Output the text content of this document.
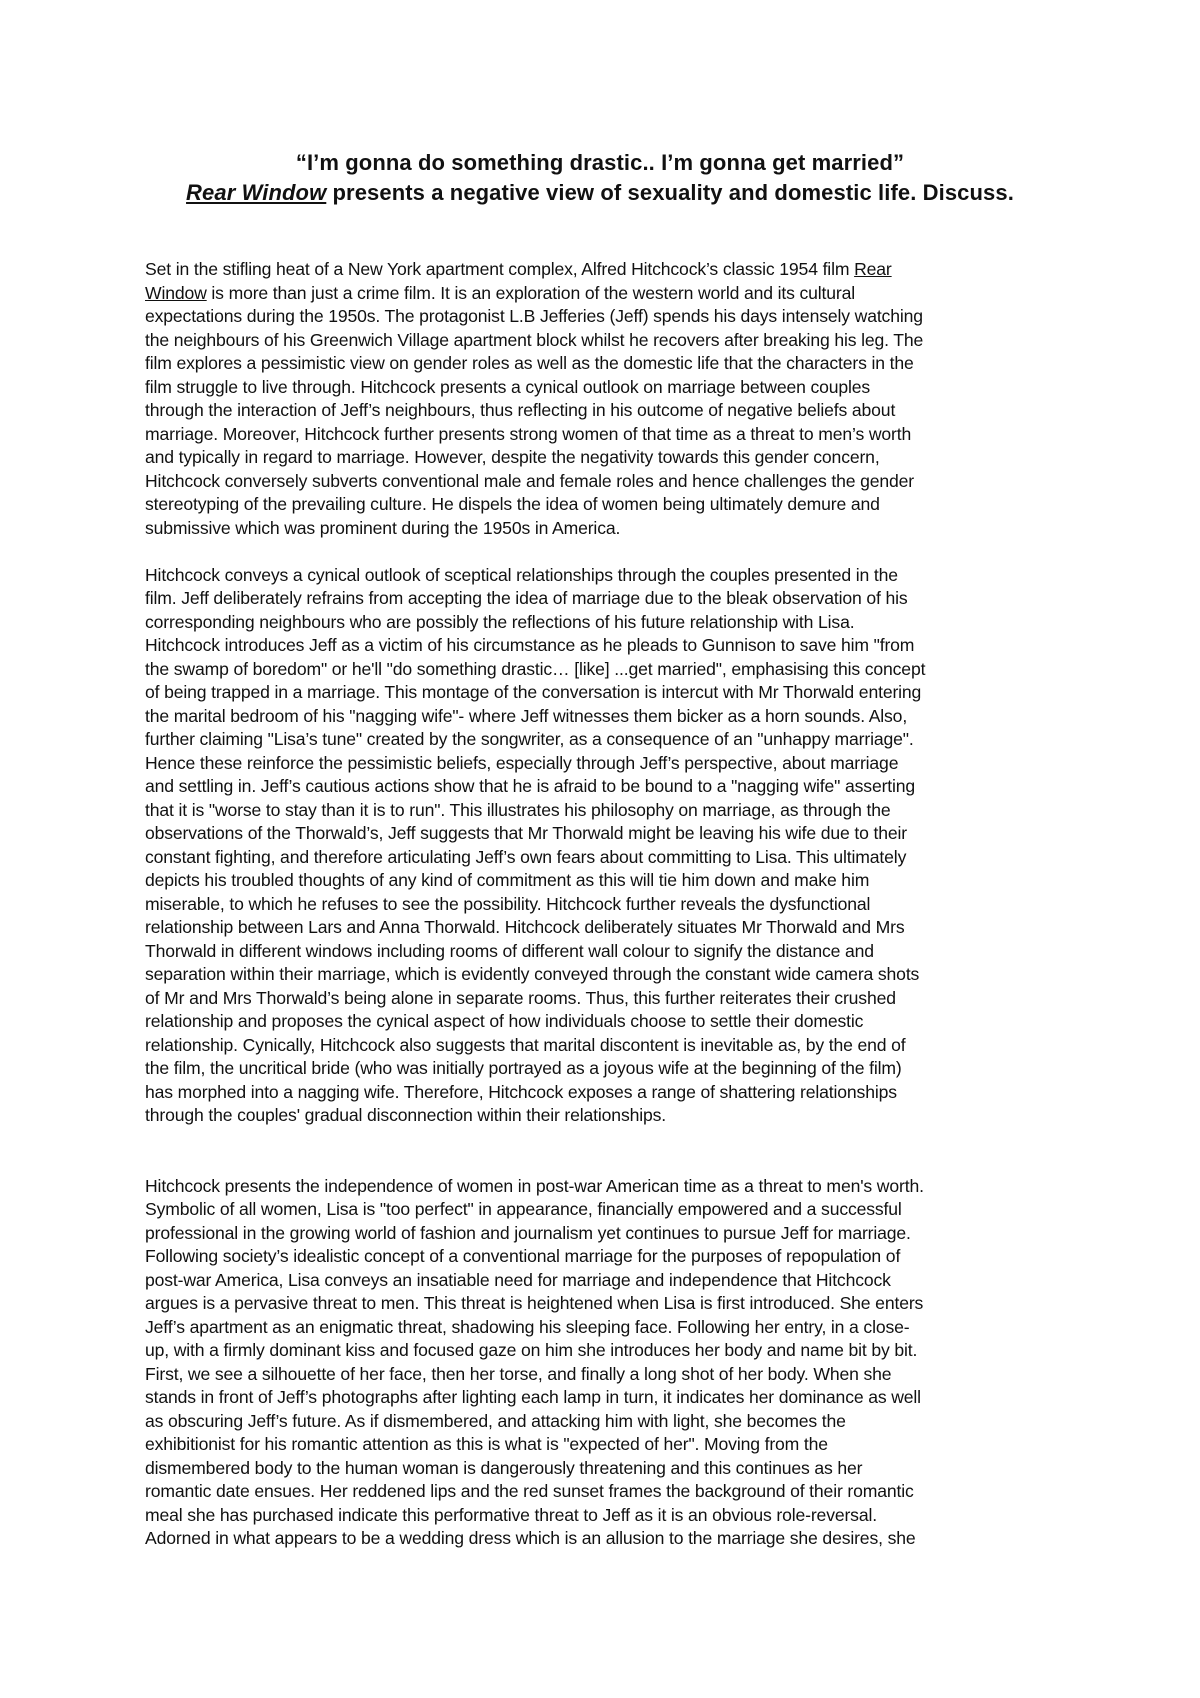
“I’m gonna do something drastic.. I’m gonna get married”
Rear Window presents a negative view of sexuality and domestic life. Discuss.
Set in the stifling heat of a New York apartment complex, Alfred Hitchcock’s classic 1954 film Rear
Window is more than just a crime film. It is an exploration of the western world and its cultural
expectations during the 1950s. The protagonist L.B Jefferies (Jeff) spends his days intensely watching
the neighbours of his Greenwich Village apartment block whilst he recovers after breaking his leg. The
film explores a pessimistic view on gender roles as well as the domestic life that the characters in the
film struggle to live through. Hitchcock presents a cynical outlook on marriage between couples
through the interaction of Jeff’s neighbours, thus reflecting in his outcome of negative beliefs about
marriage. Moreover, Hitchcock further presents strong women of that time as a threat to men’s worth
and typically in regard to marriage. However, despite the negativity towards this gender concern,
Hitchcock conversely subverts conventional male and female roles and hence challenges the gender
stereotyping of the prevailing culture. He dispels the idea of women being ultimately demure and
submissive which was prominent during the 1950s in America.
Hitchcock conveys a cynical outlook of sceptical relationships through the couples presented in the
film. Jeff deliberately refrains from accepting the idea of marriage due to the bleak observation of his
corresponding neighbours who are possibly the reflections of his future relationship with Lisa.
Hitchcock introduces Jeff as a victim of his circumstance as he pleads to Gunnison to save him "from
the swamp of boredom" or he'll "do something drastic… [like] ...get married", emphasising this concept
of being trapped in a marriage. This montage of the conversation is intercut with Mr Thorwald entering
the marital bedroom of his "nagging wife"- where Jeff witnesses them bicker as a horn sounds. Also,
further claiming "Lisa’s tune" created by the songwriter, as a consequence of an "unhappy marriage".
Hence these reinforce the pessimistic beliefs, especially through Jeff’s perspective, about marriage
and settling in. Jeff’s cautious actions show that he is afraid to be bound to a "nagging wife" asserting
that it is "worse to stay than it is to run". This illustrates his philosophy on marriage, as through the
observations of the Thorwald’s, Jeff suggests that Mr Thorwald might be leaving his wife due to their
constant fighting, and therefore articulating Jeff’s own fears about committing to Lisa. This ultimately
depicts his troubled thoughts of any kind of commitment as this will tie him down and make him
miserable, to which he refuses to see the possibility. Hitchcock further reveals the dysfunctional
relationship between Lars and Anna Thorwald. Hitchcock deliberately situates Mr Thorwald and Mrs
Thorwald in different windows including rooms of different wall colour to signify the distance and
separation within their marriage, which is evidently conveyed through the constant wide camera shots
of Mr and Mrs Thorwald’s being alone in separate rooms. Thus, this further reiterates their crushed
relationship and proposes the cynical aspect of how individuals choose to settle their domestic
relationship. Cynically, Hitchcock also suggests that marital discontent is inevitable as, by the end of
the film, the uncritical bride (who was initially portrayed as a joyous wife at the beginning of the film)
has morphed into a nagging wife. Therefore, Hitchcock exposes a range of shattering relationships
through the couples' gradual disconnection within their relationships.
Hitchcock presents the independence of women in post-war American time as a threat to men's worth.
Symbolic of all women, Lisa is "too perfect" in appearance, financially empowered and a successful
professional in the growing world of fashion and journalism yet continues to pursue Jeff for marriage.
Following society’s idealistic concept of a conventional marriage for the purposes of repopulation of
post-war America, Lisa conveys an insatiable need for marriage and independence that Hitchcock
argues is a pervasive threat to men. This threat is heightened when Lisa is first introduced. She enters
Jeff’s apartment as an enigmatic threat, shadowing his sleeping face. Following her entry, in a close-
up, with a firmly dominant kiss and focused gaze on him she introduces her body and name bit by bit.
First, we see a silhouette of her face, then her torse, and finally a long shot of her body. When she
stands in front of Jeff’s photographs after lighting each lamp in turn, it indicates her dominance as well
as obscuring Jeff’s future. As if dismembered, and attacking him with light, she becomes the
exhibitionist for his romantic attention as this is what is "expected of her". Moving from the
dismembered body to the human woman is dangerously threatening and this continues as her
romantic date ensues. Her reddened lips and the red sunset frames the background of their romantic
meal she has purchased indicate this performative threat to Jeff as it is an obvious role-reversal.
Adorned in what appears to be a wedding dress which is an allusion to the marriage she desires, she
